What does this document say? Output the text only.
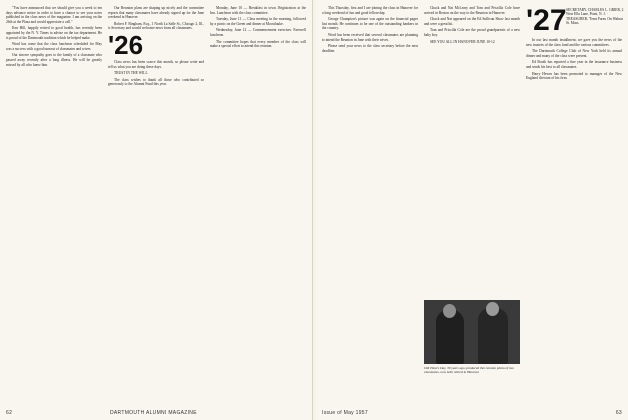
"You have announced that we should give you a week to ten days advance notice in order to have a chance to see your notes published in the class news of the magazine. I am arriving on the 26th at the Plaza and would appreciate a call."

Ken Hill, happily retired to good health, has recently been appointed by the N. Y. Times to advise on the tax department. He is proud of the Dartmouth tradition which he helped make.

Word has come that the class luncheon scheduled for May was a success with a good turnout of classmates and wives.

Our sincere sympathy goes to the family of a classmate who passed away recently after a long illness. He will be greatly missed by all who knew him.

Our Reunion plans are shaping up nicely and the committee reports that many classmates have already signed up for the June weekend in Hanover.

Robert F. Bingham, Esq., 1 North La Salle St., Chicago 2, Ill., is Secretary and would welcome news from all classmates.

'26

Class news has been scarce this month, so please write and tell us what you are doing these days.

TRUST IN THE WILL

The class wishes to thank all those who contributed so generously to the Alumni Fund this year.

Monday, June 10 — Breakfast in town. Registration at the Inn. Luncheon with the class committee.

Tuesday, June 11 — Class meeting in the morning, followed by a picnic on the Green and dinner at Moosilauke.

Wednesday, June 12 — Commencement exercises. Farewell luncheon.

The committee hopes that every member of the class will make a special effort to attend this reunion.

62	DARTMOUTH ALUMNI MAGAZINE

This Thursday, first and I are joining the class in Hanover for a long weekend of fun and good fellowship.

George Champion's picture was again on the financial pages last month. He continues to be one of the outstanding bankers in the country.

Word has been received that several classmates are planning to attend the Reunion in June with their wives.

Please send your news to the class secretary before the next deadline.

Chuck and Nat McLeary and Tom and Priscilla Cole have arrived in Boston on the way to the Reunion in Hanover.

Chuck and Nat appeared on the Ed Sullivan Show last month and were a great hit.

Tom and Priscilla Cole are the proud grandparents of a new baby boy.

SEE YOU ALL IN HANOVER JUNE 10-12

Old Timers Day, 30 years ago, produced this reunion photo of two classmates, now both retired in Hanover.
'27 SECRETARY, CHARLES L. GRIER, 2 West Ella Lane, Point, N. J. · TREASURER, 'Trent Farm. On Walnut St. Mass.

In our last month installment, we gave you the news of the new trustees of the class fund and the various committees.

The Dartmouth College Club of New York held its annual dinner and many of the class were present.

Ed Booth has reported a fine year in the insurance business and sends his best to all classmates.

Harry Hewes has been promoted to manager of the New England division of his firm.

Issue of May 1957	63
